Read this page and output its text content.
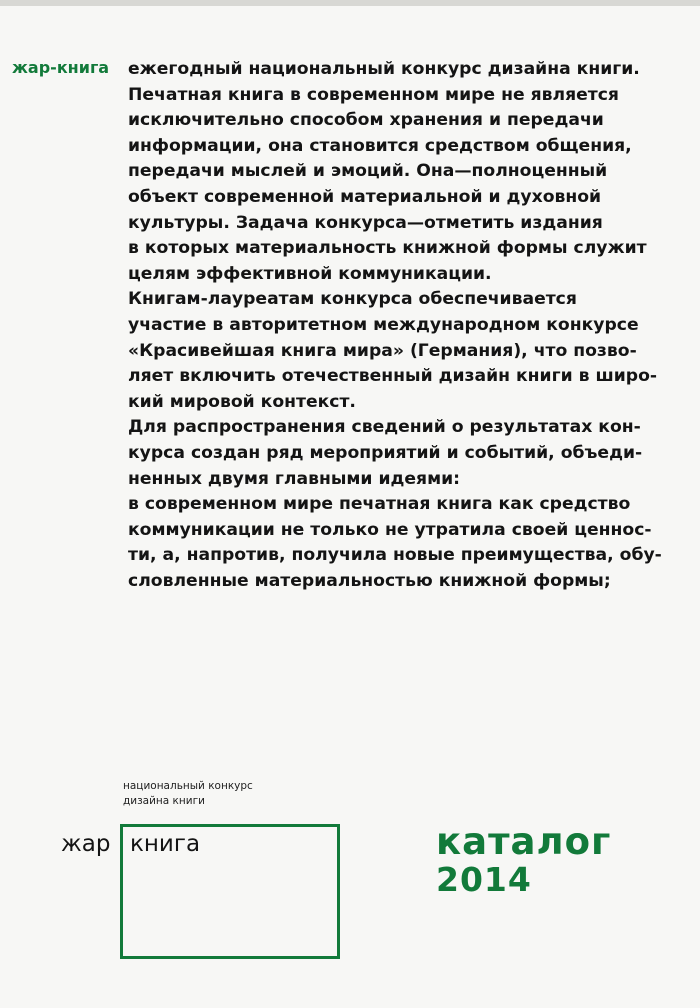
жар-книга ежегодный национальный конкурс дизайна книги.
Печатная книга в современном мире не является
исключительно способом хранения и передачи
информации, она становится средством общения,
передачи мыслей и эмоций. Она—полноценный
объект современной материальной и духовной
культуры. Задача конкурса—отметить издания
в которых материальность книжной формы служит
целям эффективной коммуникации.
Книгам-лауреатам конкурса обеспечивается
участие в авторитетном международном конкурсе
«Красивейшая книга мира» (Германия), что позво-
ляет включить отечественный дизайн книги в широ-
кий мировой контекст.
Для распространения сведений о результатах кон-
курса создан ряд мероприятий и событий, объеди-
ненных двумя главными идеями:
в современном мире печатная книга как средство
коммуникации не только не утратила своей ценнос-
ти, а, напротив, получила новые преимущества, обу-
словленные материальностью книжной формы;
национальный конкурс
дизайна книги
жар книга	каталог
2014
